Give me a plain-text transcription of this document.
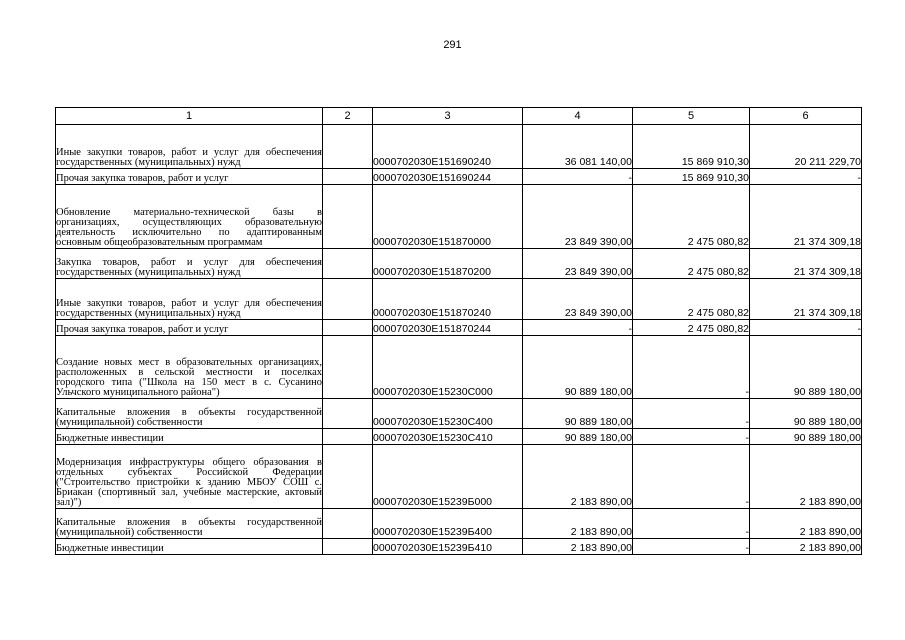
291
1	2	3	4	5	6
Иные закупки товаров, работ и услуг для обеспечения государственных (муниципальных) нужд		0000702030Е151690240	36 081 140,00	15 869 910,30	20 211 229,70
Прочая закупка товаров, работ и услуг		0000702030Е151690244	-	15 869 910,30	-
Обновление материально-технической базы в организациях, осуществляющих образовательную деятельность исключительно по адаптированным основным общеобразовательным программам		0000702030Е151870000	23 849 390,00	2 475 080,82	21 374 309,18
Закупка товаров, работ и услуг для обеспечения государственных (муниципальных) нужд		0000702030Е151870200	23 849 390,00	2 475 080,82	21 374 309,18
Иные закупки товаров, работ и услуг для обеспечения государственных (муниципальных) нужд		0000702030Е151870240	23 849 390,00	2 475 080,82	21 374 309,18
Прочая закупка товаров, работ и услуг		0000702030Е151870244	-	2 475 080,82	-
Создание новых мест в образовательных организациях, расположенных в сельской местности и поселках городского типа ("Школа на 150 мест в с. Сусанино Ульчского муниципального района")		0000702030Е15230С000	90 889 180,00	-	90 889 180,00
Капитальные вложения в объекты государственной (муниципальной) собственности		0000702030Е15230С400	90 889 180,00	-	90 889 180,00
Бюджетные инвестиции		0000702030Е15230С410	90 889 180,00	-	90 889 180,00
Модернизация инфраструктуры общего образования в отдельных субъектах Российской Федерации ("Строительство пристройки к зданию МБОУ СОШ с. Бриакан (спортивный зал, учебные мастерские, актовый зал)")		0000702030Е15239Б000	2 183 890,00	-	2 183 890,00
Капитальные вложения в объекты государственной (муниципальной) собственности		0000702030Е15239Б400	2 183 890,00	-	2 183 890,00
Бюджетные инвестиции		0000702030Е15239Б410	2 183 890,00	-	2 183 890,00
